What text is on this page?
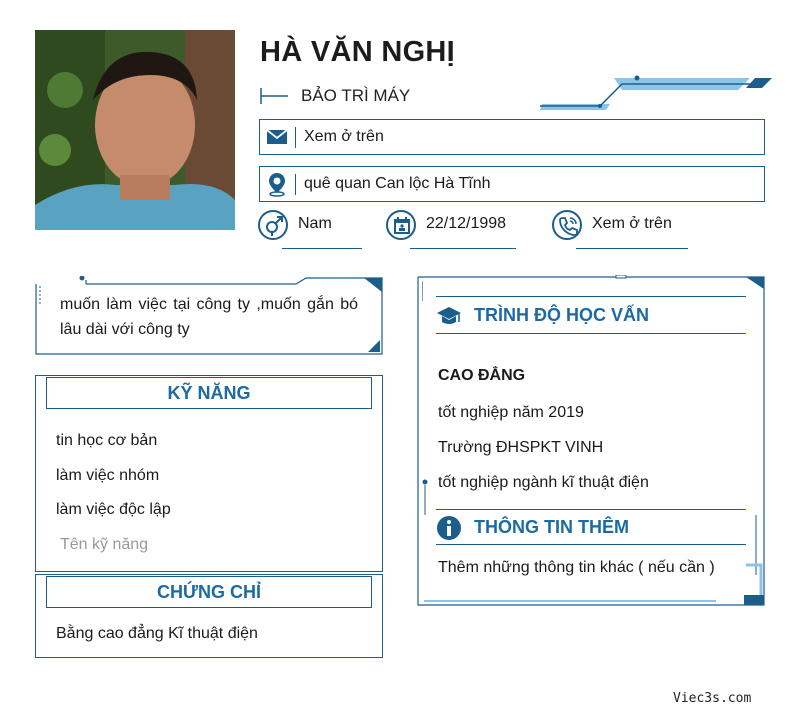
HÀ VĂN NGHỊ
BẢO TRÌ MÁY
Xem ở trên
quê quan Can lộc Hà Tĩnh
Nam	22/12/1998	Xem ở trên
muốn làm việc tại công ty ,muốn gắn bó lâu dài với công ty
KỸ NĂNG
tin học cơ bản
làm việc nhóm
làm việc độc lập
Tên kỹ năng
CHỨNG CHỈ
Bằng cao đẳng Kĩ thuật điện
TRÌNH ĐỘ HỌC VẤN
CAO ĐẲNG
tốt nghiệp năm 2019
Trường ĐHSPKT VINH
tốt nghiệp ngành kĩ thuật điện
THÔNG TIN THÊM
Thêm những thông tin khác ( nếu cần )
Viec3s.com
